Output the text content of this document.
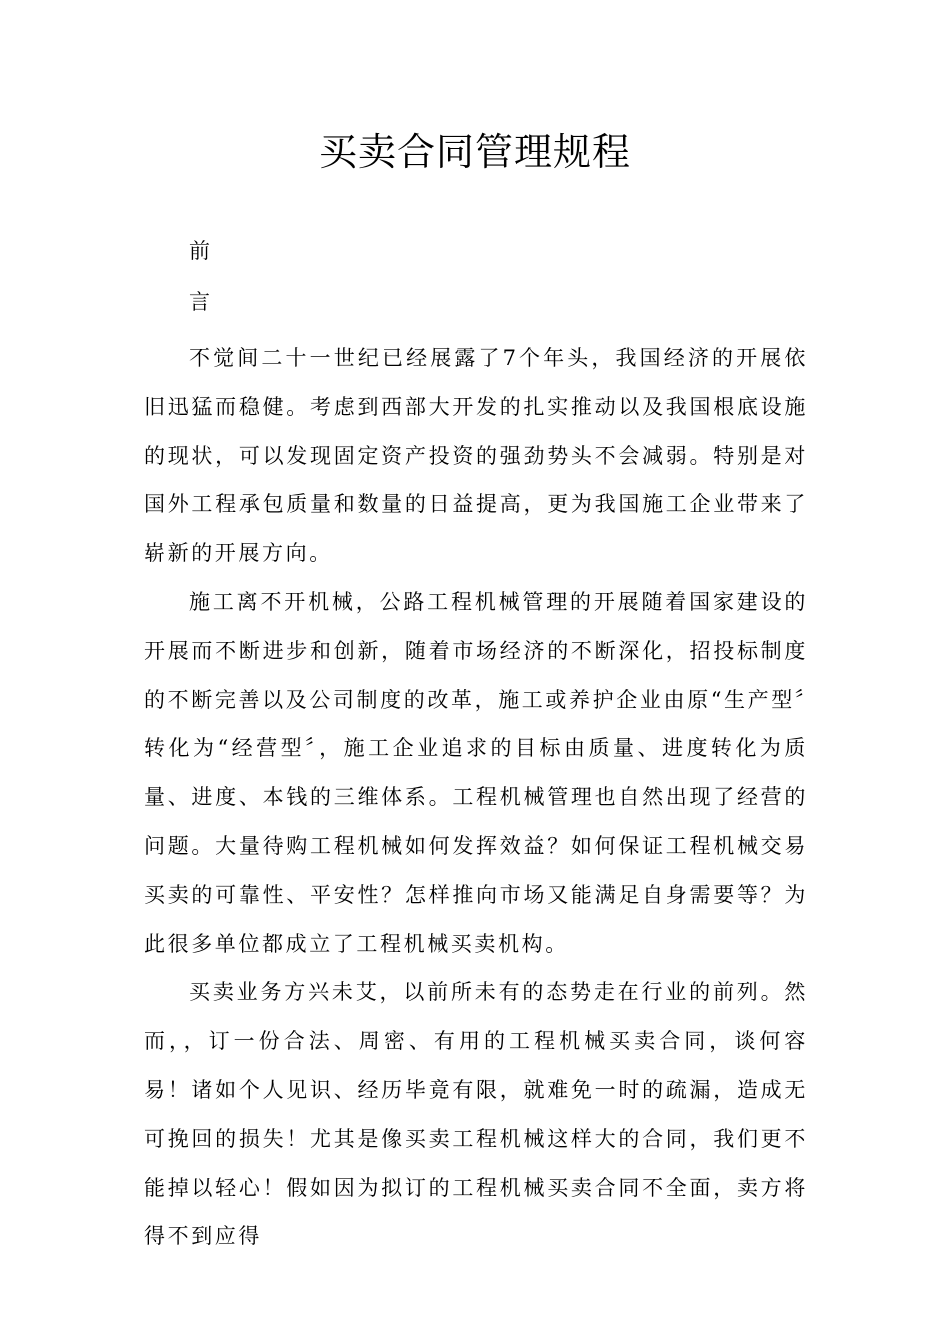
买卖合同管理规程
前
言

不觉间二十一世纪已经展露了7个年头，我国经济的开展依旧迅猛而稳健。考虑到西部大开发的扎实推动以及我国根底设施的现状，可以发现固定资产投资的强劲势头不会减弱。特别是对国外工程承包质量和数量的日益提高，更为我国施工企业带来了崭新的开展方向。

施工离不开机械，公路工程机械管理的开展随着国家建设的开展而不断进步和创新，随着市场经济的不断深化，招投标制度的不断完善以及公司制度的改革，施工或养护企业由原“生产型〞转化为“经营型〞，施工企业追求的目标由质量、进度转化为质量、进度、本钱的三维体系。工程机械管理也自然出现了经营的问题。大量待购工程机械如何发挥效益？如何保证工程机械交易买卖的可靠性、平安性？怎样推向市场又能满足自身需要等？为此很多单位都成立了工程机械买卖机构。

买卖业务方兴未艾，以前所未有的态势走在行业的前列。然而，，订一份合法、周密、有用的工程机械买卖合同，谈何容易！诸如个人见识、经历毕竟有限，就难免一时的疏漏，造成无可挽回的损失！尤其是像买卖工程机械这样大的合同，我们更不能掉以轻心！假如因为拟订的工程机械买卖合同不全面，卖方将得不到应得
